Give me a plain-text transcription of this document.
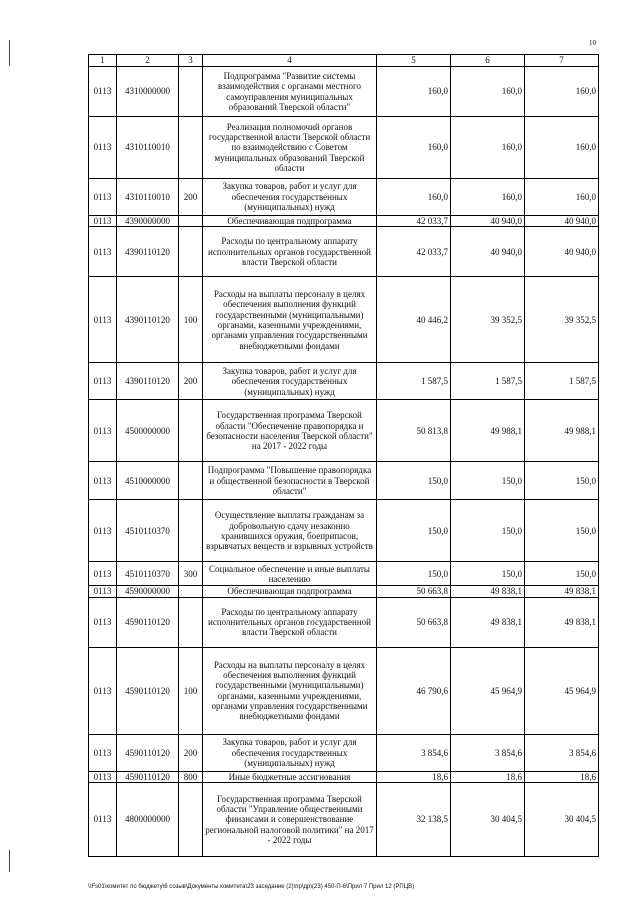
10
1	2	3	4	5	6	7
0113	4310000000		Подпрограмма "Развитие системы взаимодействия с органами местного самоуправления муниципальных образований Тверской области"	160,0	160,0	160,0
0113	4310110010		Реализация полномочий органов государственной власти Тверской области по взаимодействию с Советом муниципальных образований Тверской области	160,0	160,0	160,0
0113	4310110010	200	Закупка товаров, работ и услуг для обеспечения государственных (муниципальных) нужд	160,0	160,0	160,0
0113	4390000000		Обеспечивающая подпрограмма	42 033,7	40 940,0	40 940,0
0113	4390110120		Расходы по центральному аппарату исполнительных органов государственной власти Тверской области	42 033,7	40 940,0	40 940,0
0113	4390110120	100	Расходы на выплаты персоналу в целях обеспечения выполнения функций государственными (муниципальными) органами, казенными учреждениями, органами управления государственными внебюджетными фондами	40 446,2	39 352,5	39 352,5
0113	4390110120	200	Закупка товаров, работ и услуг для обеспечения государственных (муниципальных) нужд	1 587,5	1 587,5	1 587,5
0113	4500000000		Государственная программа Тверской области "Обеспечение правопорядка и безопасности населения Тверской области" на 2017 - 2022 годы	50 813,8	49 988,1	49 988,1
0113	4510000000		Подпрограмма "Повышение правопорядка и общественной безопасности в Тверской области"	150,0	150,0	150,0
0113	4510110370		Осуществление выплаты гражданам за добровольную сдачу незаконно хранившихся оружия, боеприпасов, взрывчатых веществ и взрывных устройств	150,0	150,0	150,0
0113	4510110370	300	Социальное обеспечение и иные выплаты населению	150,0	150,0	150,0
0113	4590000000		Обеспечивающая подпрограмма	50 663,8	49 838,1	49 838,1
0113	4590110120		Расходы по центральному аппарату исполнительных органов государственной власти Тверской области	50 663,8	49 838,1	49 838,1
0113	4590110120	100	Расходы на выплаты персоналу в целях обеспечения выполнения функций государственными (муниципальными) органами, казенными учреждениями, органами управления государственными внебюджетными фондами	46 790,6	45 964,9	45 964,9
0113	4590110120	200	Закупка товаров, работ и услуг для обеспечения государственных (муниципальных) нужд	3 854,6	3 854,6	3 854,6
0113	4590110120	800	Иные бюджетные ассигнования	18,6	18,6	18,6
0113	4800000000		Государственная программа Тверской области "Управление общественными финансами и совершенствование региональной налоговой политики" на 2017 - 2022 годы	32 138,5	30 404,5	30 404,5
\\Fs01\комитет по бюджету\6 созыв\Документы комитета\23 заседание (2)\пр\др\(23) 450-П-6\Прил 7 Прил 12 (РПЦВ)
